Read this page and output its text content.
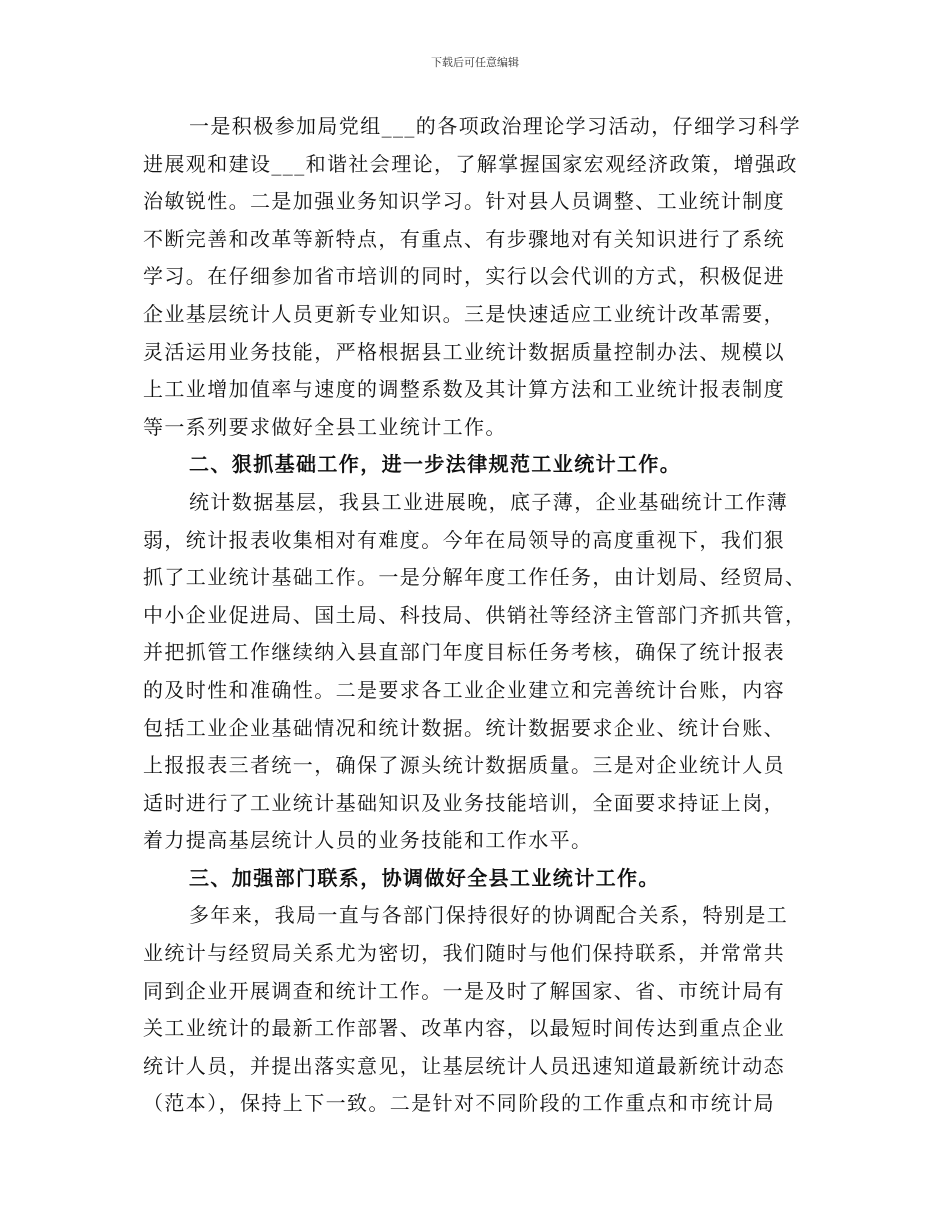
下载后可任意编辑
一是积极参加局党组___的各项政治理论学习活动，仔细学习科学
进展观和建设___和谐社会理论，了解掌握国家宏观经济政策，增强政
治敏锐性。二是加强业务知识学习。针对县人员调整、工业统计制度
不断完善和改革等新特点，有重点、有步骤地对有关知识进行了系统
学习。在仔细参加省市培训的同时，实行以会代训的方式，积极促进
企业基层统计人员更新专业知识。三是快速适应工业统计改革需要，
灵活运用业务技能，严格根据县工业统计数据质量控制办法、规模以
上工业增加值率与速度的调整系数及其计算方法和工业统计报表制度
等一系列要求做好全县工业统计工作。
二、狠抓基础工作，进一步法律规范工业统计工作。
统计数据基层，我县工业进展晚，底子薄，企业基础统计工作薄
弱，统计报表收集相对有难度。今年在局领导的高度重视下，我们狠
抓了工业统计基础工作。一是分解年度工作任务，由计划局、经贸局、
中小企业促进局、国土局、科技局、供销社等经济主管部门齐抓共管，
并把抓管工作继续纳入县直部门年度目标任务考核，确保了统计报表
的及时性和准确性。二是要求各工业企业建立和完善统计台账，内容
包括工业企业基础情况和统计数据。统计数据要求企业、统计台账、
上报报表三者统一，确保了源头统计数据质量。三是对企业统计人员
适时进行了工业统计基础知识及业务技能培训，全面要求持证上岗，
着力提高基层统计人员的业务技能和工作水平。
三、加强部门联系，协调做好全县工业统计工作。
多年来，我局一直与各部门保持很好的协调配合关系，特别是工
业统计与经贸局关系尤为密切，我们随时与他们保持联系，并常常共
同到企业开展调查和统计工作。一是及时了解国家、省、市统计局有
关工业统计的最新工作部署、改革内容，以最短时间传达到重点企业
统计人员，并提出落实意见，让基层统计人员迅速知道最新统计动态
（范本），保持上下一致。二是针对不同阶段的工作重点和市统计局
